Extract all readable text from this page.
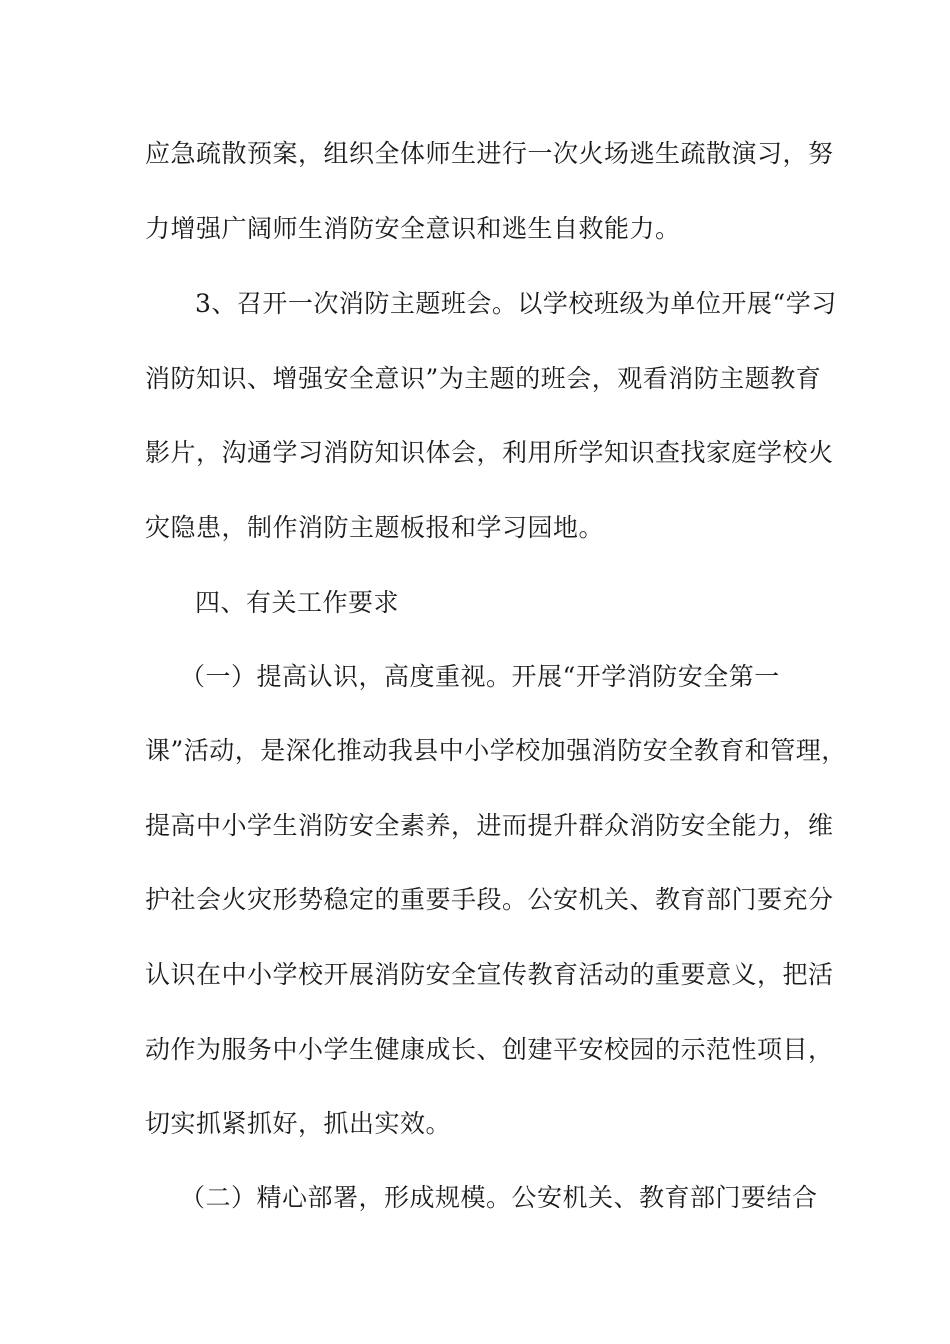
应急疏散预案，组织全体师生进行一次火场逃生疏散演习，努
力增强广阔师生消防安全意识和逃生自救能力。
3、召开一次消防主题班会。以学校班级为单位开展“学习
消防知识、增强安全意识”为主题的班会，观看消防主题教育
影片，沟通学习消防知识体会，利用所学知识查找家庭学校火
灾隐患，制作消防主题板报和学习园地。
四、有关工作要求
（一）提高认识，高度重视。开展“开学消防安全第一
课”活动，是深化推动我县中小学校加强消防安全教育和管理，
提高中小学生消防安全素养，进而提升群众消防安全能力，维
护社会火灾形势稳定的重要手段。公安机关、教育部门要充分
认识在中小学校开展消防安全宣传教育活动的重要意义，把活
动作为服务中小学生健康成长、创建平安校园的示范性项目，
切实抓紧抓好，抓出实效。
（二）精心部署，形成规模。公安机关、教育部门要结合
